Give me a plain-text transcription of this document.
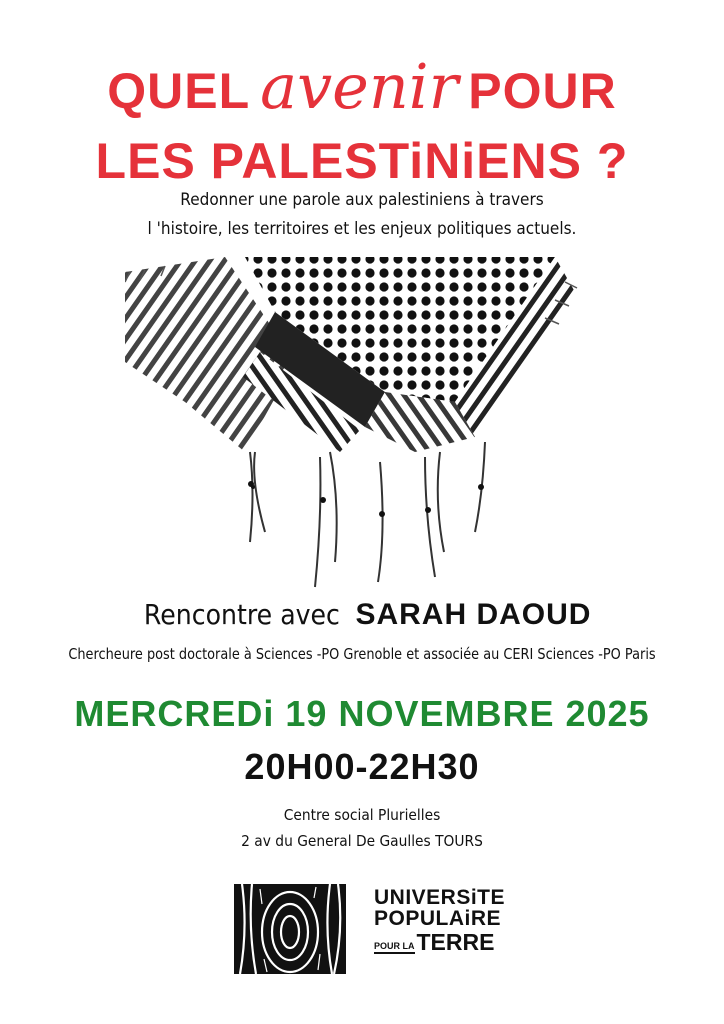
QUEL avenir POUR
LES PALESTiNiENS ?
Redonner une parole aux palestiniens à travers
l 'histoire, les territoires et les enjeux politiques actuels.
Rencontre avec SARAH DAOUD
Chercheure post doctorale à Sciences -PO Grenoble et associée au CERI Sciences -PO Paris
MERCREDi 19 NOVEMBRE 2025
20H00-22H30
Centre social Plurielles
2 av du General De Gaulles TOURS
UNIVERSiTE
POPULAiRE
POUR LA TERRE
